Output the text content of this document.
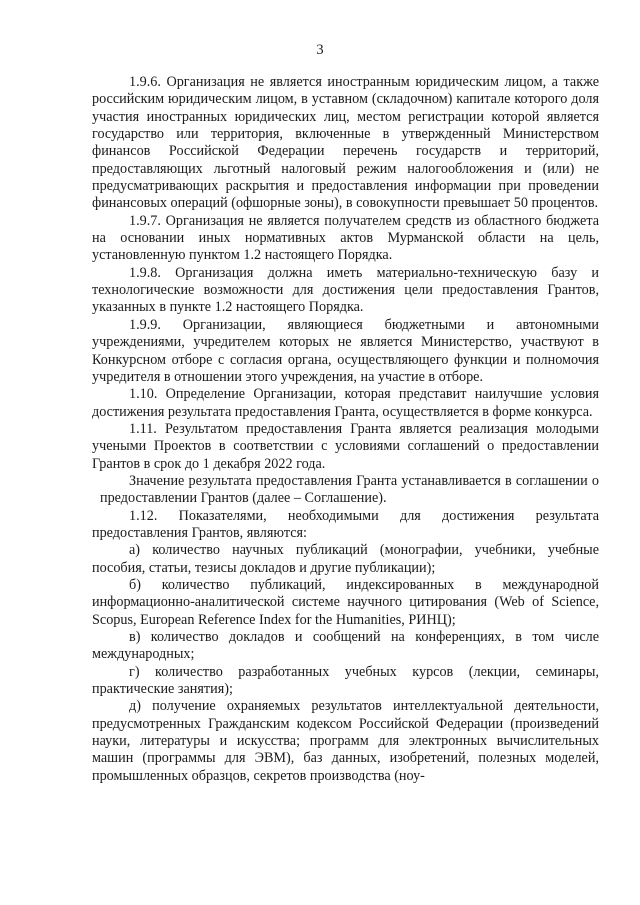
3

1.9.6. Организация не является иностранным юридическим лицом, а также российским юридическим лицом, в уставном (складочном) капитале которого доля участия иностранных юридических лиц, местом регистрации которой является государство или территория, включенные в утвержденный Министерством финансов Российской Федерации перечень государств и территорий, предоставляющих льготный налоговый режим налогообложения и (или) не предусматривающих раскрытия и предоставления информации при проведении финансовых операций (офшорные зоны), в совокупности превышает 50 процентов.

1.9.7. Организация не является получателем средств из областного бюджета на основании иных нормативных актов Мурманской области на цель, установленную пунктом 1.2 настоящего Порядка.

1.9.8. Организация должна иметь материально-техническую базу и технологические возможности для достижения цели предоставления Грантов, указанных в пункте 1.2 настоящего Порядка.

1.9.9. Организации, являющиеся бюджетными и автономными учреждениями, учредителем которых не является Министерство, участвуют в Конкурсном отборе с согласия органа, осуществляющего функции и полномочия учредителя в отношении этого учреждения, на участие в отборе.

1.10. Определение Организации, которая представит наилучшие условия достижения результата предоставления Гранта, осуществляется в форме конкурса.

1.11. Результатом предоставления Гранта является реализация молодыми учеными Проектов в соответствии с условиями соглашений о предоставлении Грантов в срок до 1 декабря 2022 года.

Значение результата предоставления Гранта устанавливается в соглашении о предоставлении Грантов (далее – Соглашение).

1.12. Показателями, необходимыми для достижения результата предоставления Грантов, являются:

а) количество научных публикаций (монографии, учебники, учебные пособия, статьи, тезисы докладов и другие публикации);

б) количество публикаций, индексированных в международной информационно-аналитической системе научного цитирования (Web of Science, Scopus, European Reference Index for the Humanities, РИНЦ);

в) количество докладов и сообщений на конференциях, в том числе международных;

г) количество разработанных учебных курсов (лекции, семинары, практические занятия);

д) получение охраняемых результатов интеллектуальной деятельности, предусмотренных Гражданским кодексом Российской Федерации (произведений науки, литературы и искусства; программ для электронных вычислительных машин (программы для ЭВМ), баз данных, изобретений, полезных моделей, промышленных образцов, секретов производства (ноу-
